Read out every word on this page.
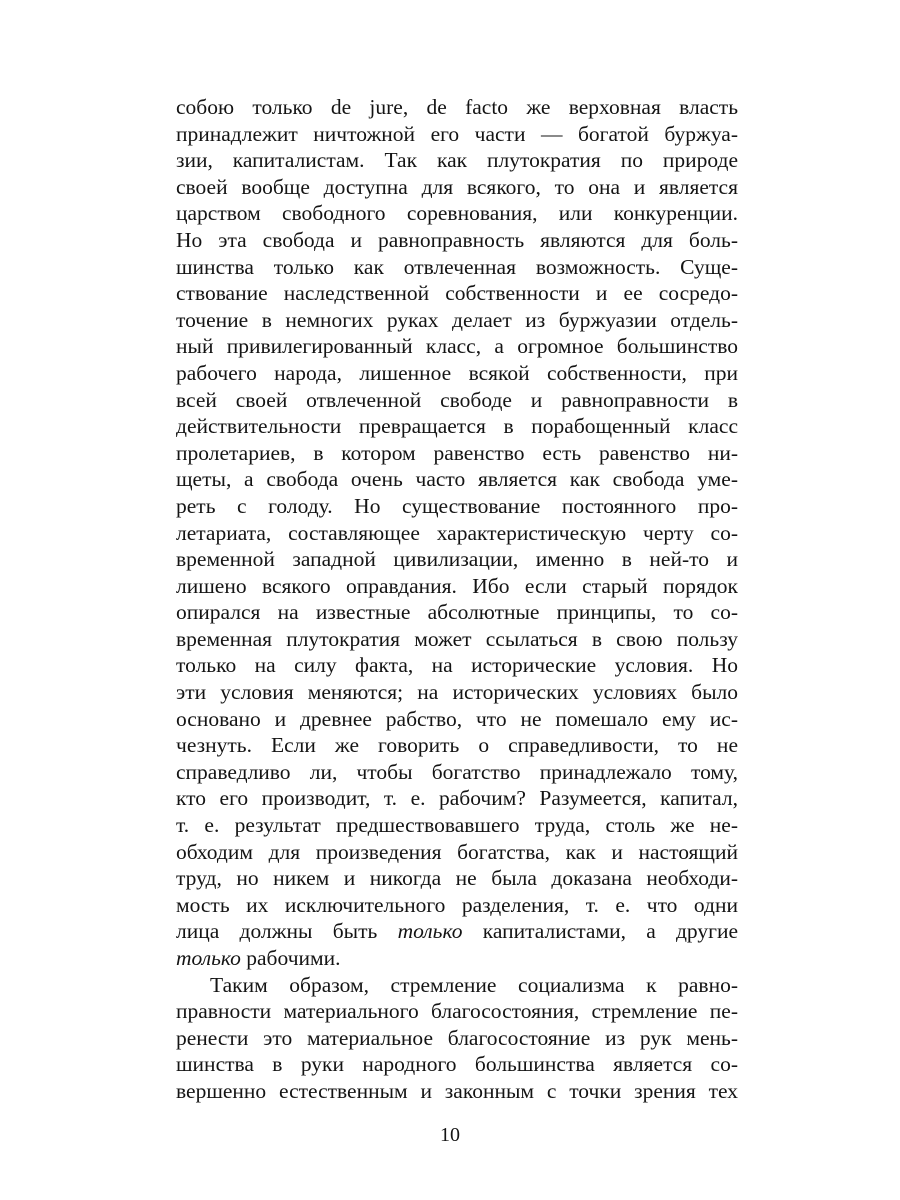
собою только de jure, de facto же верховная власть
принадлежит ничтожной его части — богатой буржуа-
зии, капиталистам. Так как плутократия по природе
своей вообще доступна для всякого, то она и является
царством свободного соревнования, или конкуренции.
Но эта свобода и равноправность являются для боль-
шинства только как отвлеченная возможность. Суще-
ствование наследственной собственности и ее сосредо-
точение в немногих руках делает из буржуазии отдель-
ный привилегированный класс, а огромное большинство
рабочего народа, лишенное всякой собственности, при
всей своей отвлеченной свободе и равноправности в
действительности превращается в порабощенный класс
пролетариев, в котором равенство есть равенство ни-
щеты, а свобода очень часто является как свобода уме-
реть с голоду. Но существование постоянного про-
летариата, составляющее характеристическую черту со-
временной западной цивилизации, именно в ней-то и
лишено всякого оправдания. Ибо если старый порядок
опирался на известные абсолютные принципы, то со-
временная плутократия может ссылаться в свою пользу
только на силу факта, на исторические условия. Но
эти условия меняются; на исторических условиях было
основано и древнее рабство, что не помешало ему ис-
чезнуть. Если же говорить о справедливости, то не
справедливо ли, чтобы богатство принадлежало тому,
кто его производит, т. е. рабочим? Разумеется, капитал,
т. е. результат предшествовавшего труда, столь же не-
обходим для произведения богатства, как и настоящий
труд, но никем и никогда не была доказана необходи-
мость их исключительного разделения, т. е. что одни
лица должны быть только капиталистами, а другие
только рабочими.
Таким образом, стремление социализма к равно-
правности материального благосостояния, стремление пе-
ренести это материальное благосостояние из рук мень-
шинства в руки народного большинства является со-
вершенно естественным и законным с точки зрения тех
10
